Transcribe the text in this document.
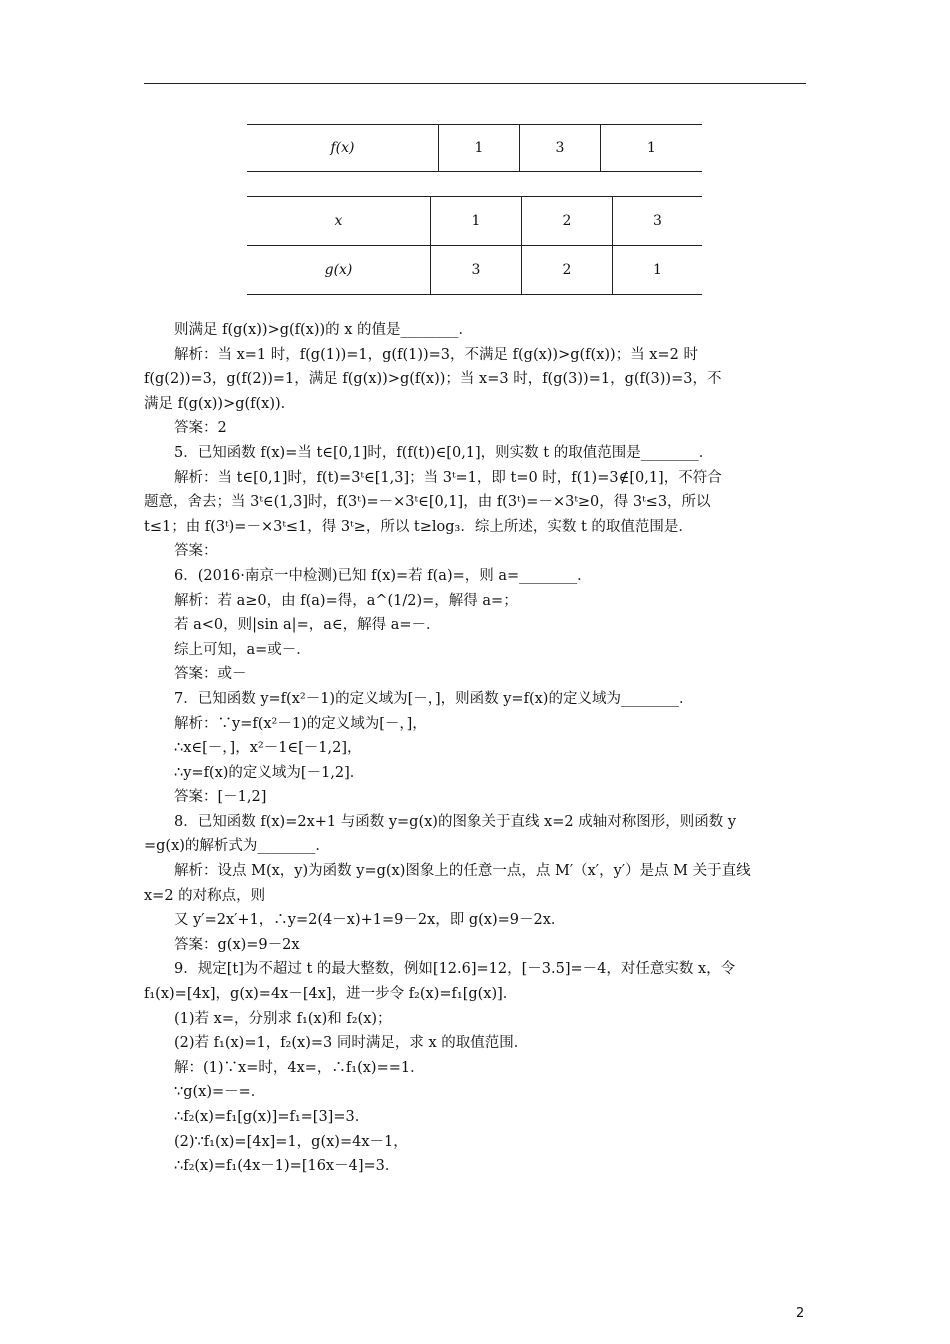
f(x)	1	3	1
x	1	2	3
g(x)	3	2	1

则满足 f(g(x))>g(f(x))的 x 的值是________．

解析：当 x=1 时，f(g(1))=1，g(f(1))=3，不满足 f(g(x))>g(f(x))；当 x=2 时

f(g(2))=3，g(f(2))=1，满足 f(g(x))>g(f(x))；当 x=3 时，f(g(3))=1，g(f(3))=3，不

满足 f(g(x))>g(f(x))．

答案：2

5．已知函数 f(x)=当 t∈[0,1]时，f(f(t))∈[0,1]，则实数 t 的取值范围是________．

解析：当 t∈[0,1]时，f(t)=3ᵗ∈[1,3]；当 3ᵗ=1，即 t=0 时，f(1)=3∉[0,1]，不符合

题意，舍去；当 3ᵗ∈(1,3]时，f(3ᵗ)=－×3ᵗ∈[0,1]，由 f(3ᵗ)=－×3ᵗ≥0，得 3ᵗ≤3，所以

t≤1；由 f(3ᵗ)=－×3ᵗ≤1，得 3ᵗ≥，所以 t≥log₃．综上所述，实数 t 的取值范围是．

答案：

6．(2016·南京一中检测)已知 f(x)=若 f(a)=，则 a=________．

解析：若 a≥0，由 f(a)=得，a^(1/2)=，解得 a=；

若 a<0，则|sin a|=，a∈，解得 a=－．

综上可知，a=或－．

答案：或－

7．已知函数 y=f(x²－1)的定义域为[－，]，则函数 y=f(x)的定义域为________．

解析：∵y=f(x²－1)的定义域为[－，]，

∴x∈[－，]，x²－1∈[－1,2]，

∴y=f(x)的定义域为[－1,2]．

答案：[－1,2]

8．已知函数 f(x)=2x+1 与函数 y=g(x)的图象关于直线 x=2 成轴对称图形，则函数 y

=g(x)的解析式为________．

解析：设点 M(x，y)为函数 y=g(x)图象上的任意一点，点 M′（x′，y′）是点 M 关于直线

x=2 的对称点，则

又 y′=2x′+1，∴y=2(4－x)+1=9－2x，即 g(x)=9－2x．

答案：g(x)=9－2x

9．规定[t]为不超过 t 的最大整数，例如[12.6]=12，[－3.5]=－4，对任意实数 x，令

f₁(x)=[4x]，g(x)=4x－[4x]，进一步令 f₂(x)=f₁[g(x)]．

(1)若 x=，分别求 f₁(x)和 f₂(x)；

(2)若 f₁(x)=1，f₂(x)=3 同时满足，求 x 的取值范围．

解：(1)∵x=时，4x=，∴f₁(x)==1．

∵g(x)=－=．

∴f₂(x)=f₁[g(x)]=f₁=[3]=3．

(2)∵f₁(x)=[4x]=1，g(x)=4x－1，

∴f₂(x)=f₁(4x－1)=[16x－4]=3．

2
